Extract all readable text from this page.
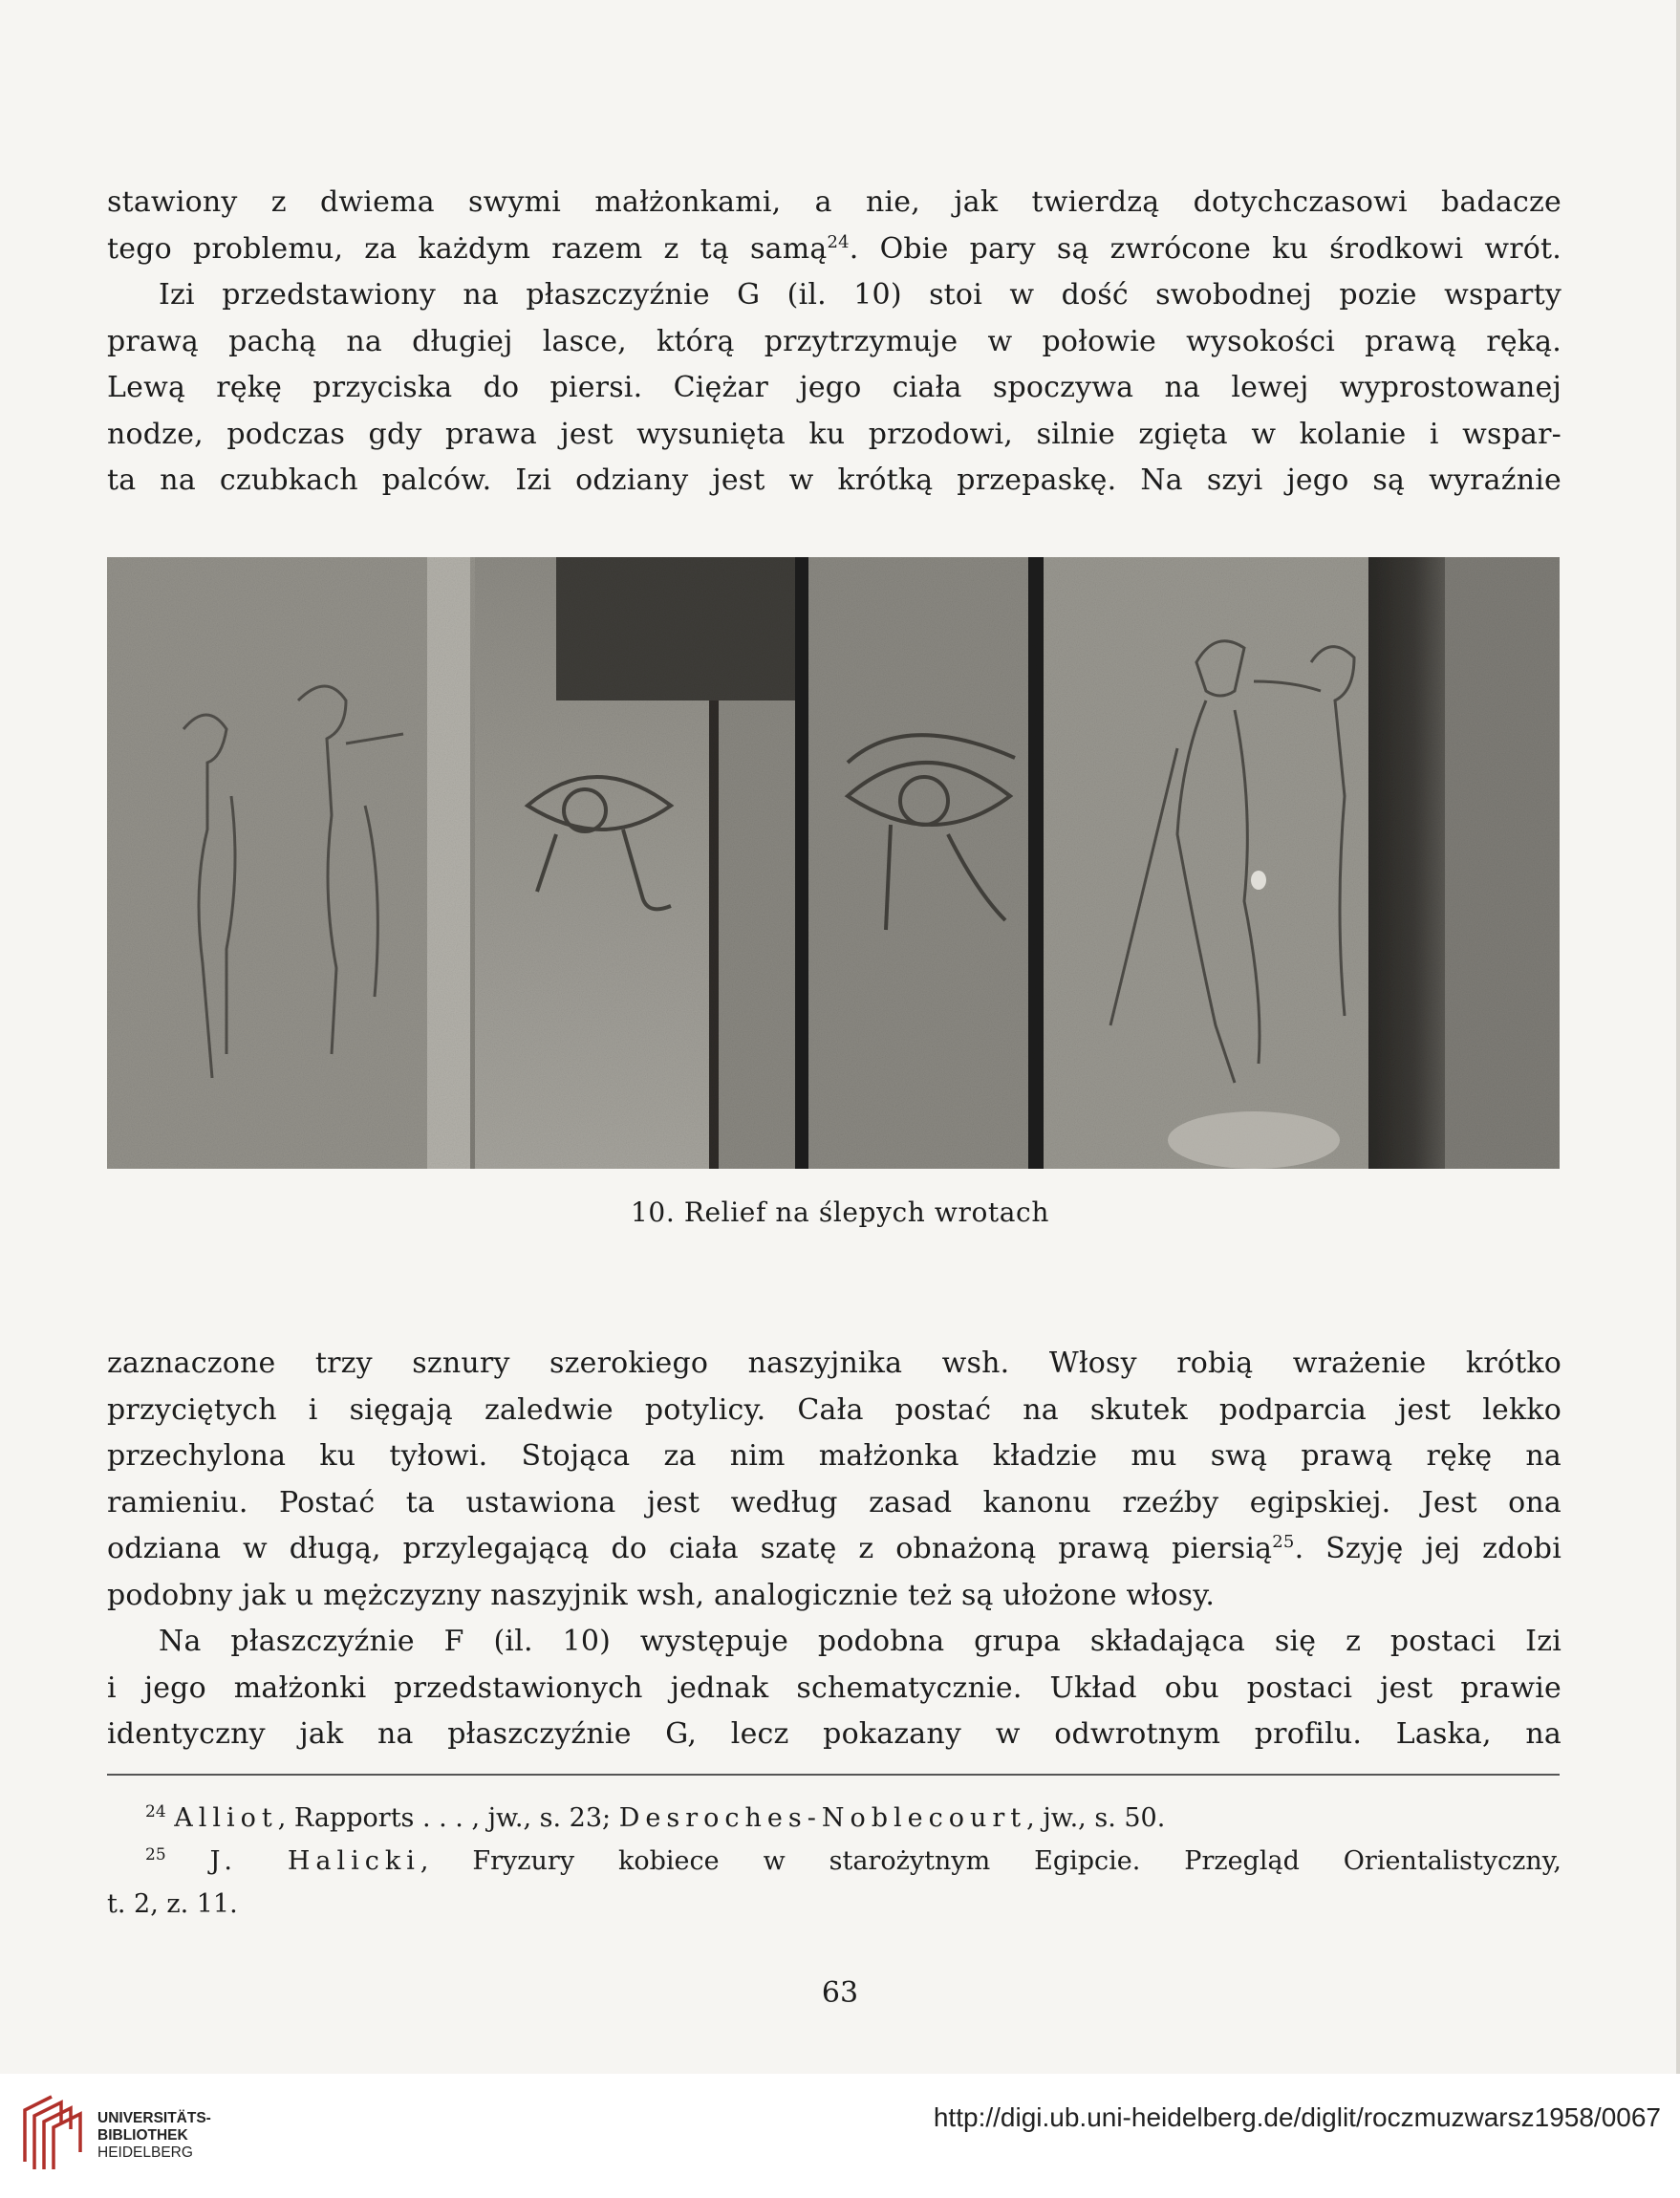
stawiony z dwiema swymi małżonkami, a nie, jak twierdzą dotychczasowi badacze
tego problemu, za każdym razem z tą samą$^{24}$. Obie pary są zwrócone ku środkowi wrót.
Izi przedstawiony na płaszczyźnie G (il. 10) stoi w dość swobodnej pozie wsparty
prawą pachą na długiej lasce, którą przytrzymuje w połowie wysokości prawą ręką.
Lewą rękę przyciska do piersi. Ciężar jego ciała spoczywa na lewej wyprostowanej
nodze, podczas gdy prawa jest wysunięta ku przodowi, silnie zgięta w kolanie i wspar-
ta na czubkach palców. Izi odziany jest w krótką przepaskę. Na szyi jego są wyraźnie
10. Relief na ślepych wrotach
zaznaczone trzy sznury szerokiego naszyjnika wsh. Włosy robią wrażenie krótko
przyciętych i sięgają zaledwie potylicy. Cała postać na skutek podparcia jest lekko
przechylona ku tyłowi. Stojąca za nim małżonka kładzie mu swą prawą rękę na
ramieniu. Postać ta ustawiona jest według zasad kanonu rzeźby egipskiej. Jest ona
odziana w długą, przylegającą do ciała szatę z obnażoną prawą piersią$^{25}$. Szyję jej zdobi
podobny jak u mężczyzny naszyjnik wsh, analogicznie też są ułożone włosy.
Na płaszczyźnie F (il. 10) występuje podobna grupa składająca się z postaci Izi
i jego małżonki przedstawionych jednak schematycznie. Układ obu postaci jest prawie
identyczny jak na płaszczyźnie G, lecz pokazany w odwrotnym profilu. Laska, na
$^{24}$ Alliot, Rapports . . . , jw., s. 23; Desroches-Noblecourt, jw., s. 50.
$^{25}$ J. Halicki, Fryzury kobiece w starożytnym Egipcie. Przegląd Orientalistyczny,
t. 2, z. 11.
63
UNIVERSITÄTS-
BIBLIOTHEK
HEIDELBERG
http://digi.ub.uni-heidelberg.de/diglit/roczmuzwarsz1958/0067
